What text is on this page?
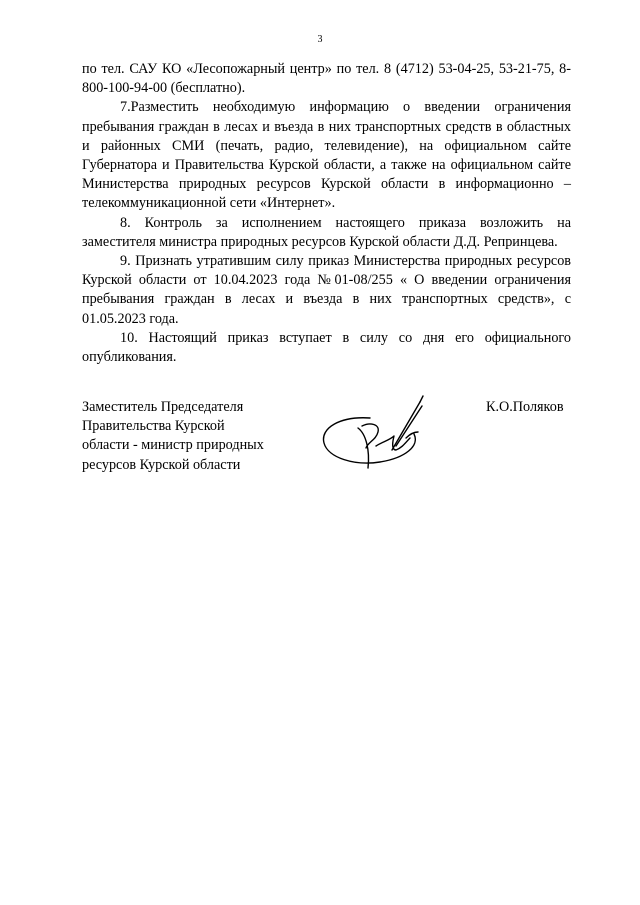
3

по тел. САУ КО «Лесопожарный центр» по тел. 8 (4712) 53-04-25, 53-21-75, 8-800-100-94-00 (бесплатно).

7.Разместить необходимую информацию о введении ограничения пребывания граждан в лесах и въезда в них транспортных средств в областных и районных СМИ (печать, радио, телевидение), на официальном сайте Губернатора и Правительства Курской области, а также на официальном сайте Министерства природных ресурсов Курской области в информационно – телекоммуникационной сети «Интернет».

8. Контроль за исполнением настоящего приказа возложить на заместителя министра природных ресурсов Курской области Д.Д. Репринцева.

9. Признать утратившим силу приказ Министерства природных ресурсов Курской области от 10.04.2023 года №01-08/255 « О введении ограничения пребывания граждан в лесах и въезда в них транспортных средств», с 01.05.2023 года.

10. Настоящий приказ вступает в силу со дня его официального опубликования.

Заместитель Председателя
Правительства Курской
области - министр природных
ресурсов Курской области
К.О.Поляков
